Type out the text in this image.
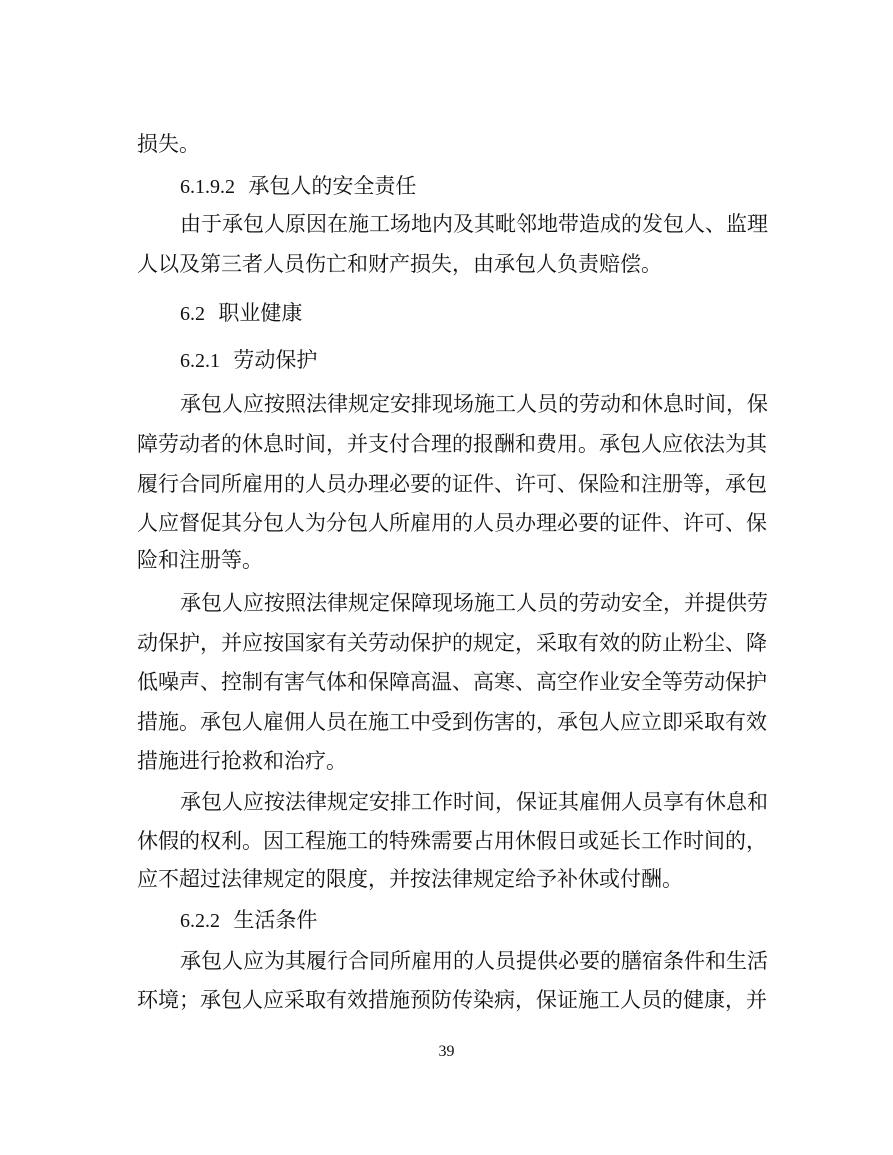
损失。

6.1.9.2 承包人的安全责任

由于承包人原因在施工场地内及其毗邻地带造成的发包人、监理

人以及第三者人员伤亡和财产损失，由承包人负责赔偿。

6.2 职业健康
6.2.1 劳动保护

承包人应按照法律规定安排现场施工人员的劳动和休息时间，保

障劳动者的休息时间，并支付合理的报酬和费用。承包人应依法为其

履行合同所雇用的人员办理必要的证件、许可、保险和注册等，承包

人应督促其分包人为分包人所雇用的人员办理必要的证件、许可、保

险和注册等。

承包人应按照法律规定保障现场施工人员的劳动安全，并提供劳

动保护，并应按国家有关劳动保护的规定，采取有效的防止粉尘、降

低噪声、控制有害气体和保障高温、高寒、高空作业安全等劳动保护

措施。承包人雇佣人员在施工中受到伤害的，承包人应立即采取有效

措施进行抢救和治疗。

承包人应按法律规定安排工作时间，保证其雇佣人员享有休息和

休假的权利。因工程施工的特殊需要占用休假日或延长工作时间的，

应不超过法律规定的限度，并按法律规定给予补休或付酬。

6.2.2 生活条件

承包人应为其履行合同所雇用的人员提供必要的膳宿条件和生活

环境；承包人应采取有效措施预防传染病，保证施工人员的健康，并

39
